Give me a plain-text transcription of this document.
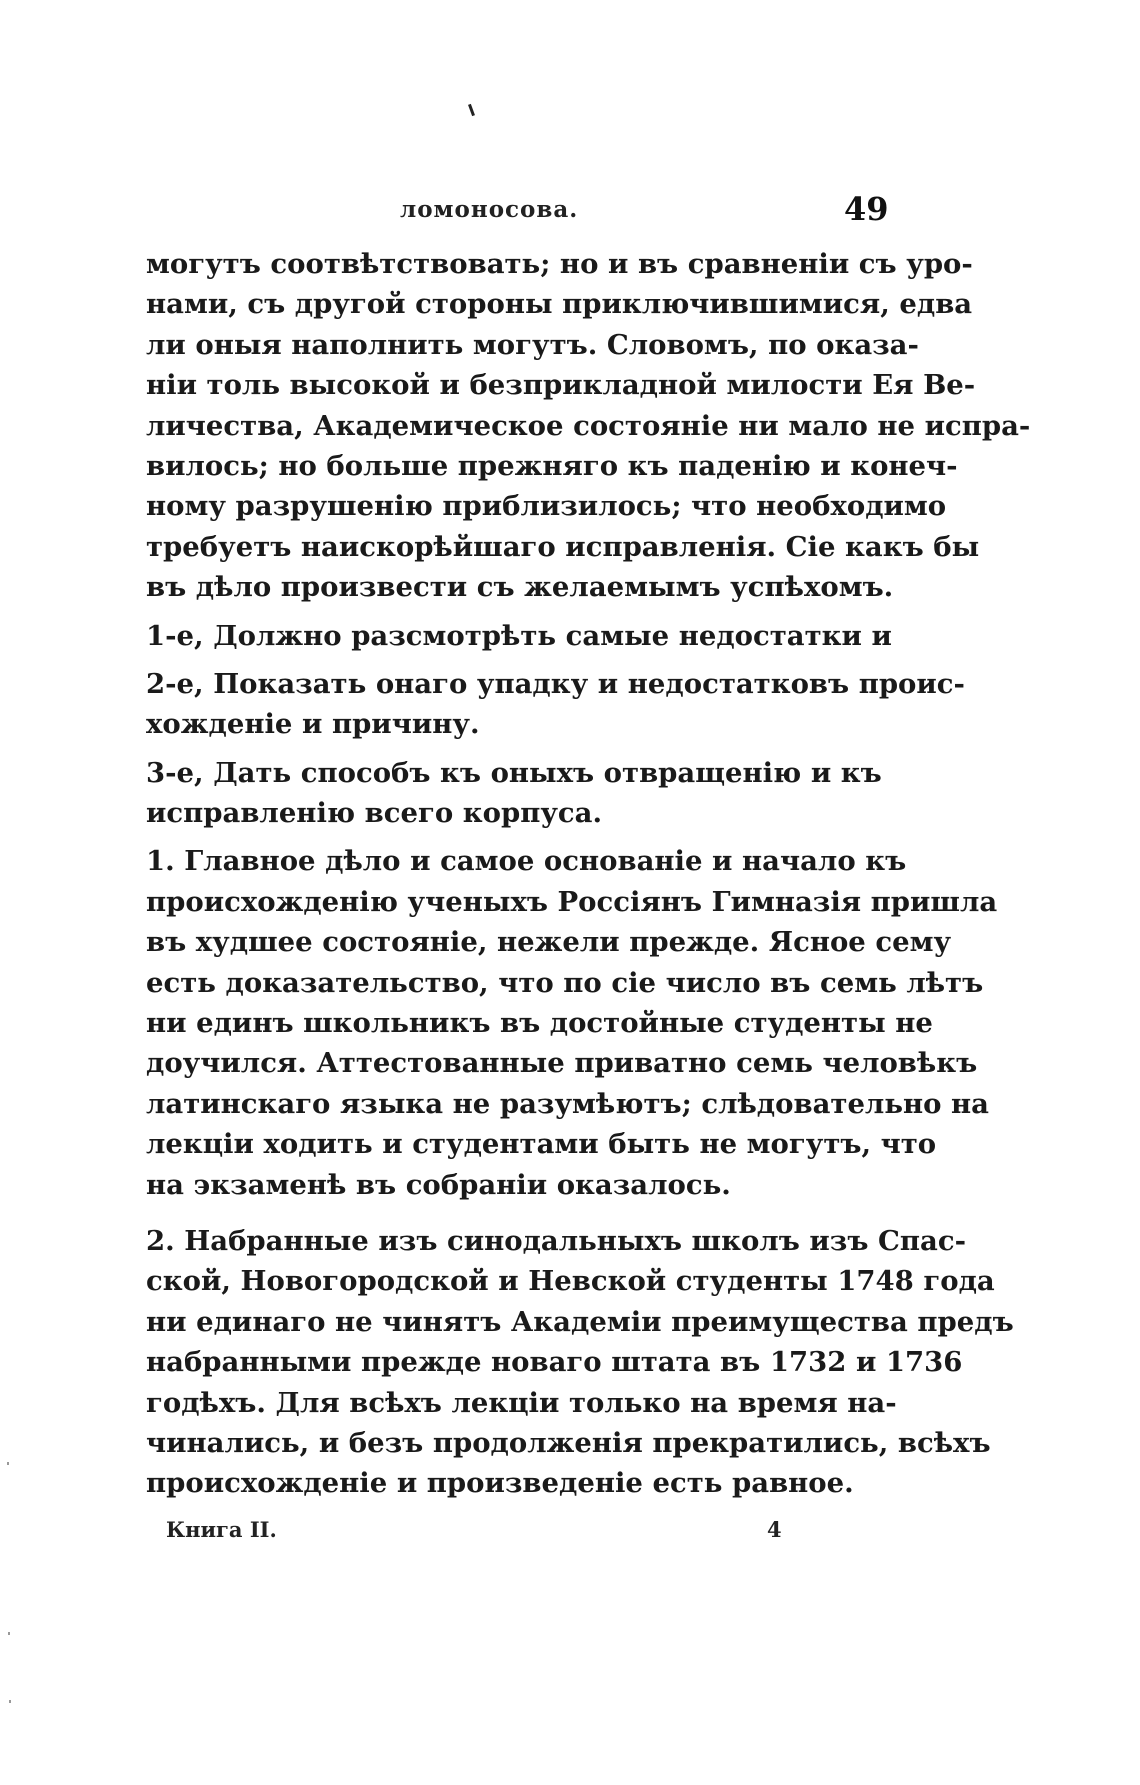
ломоносова.	49
могутъ соотвѣтствовать; но и въ сравненіи съ уро-
нами, съ другой стороны приключившимися, едва
ли оныя наполнить могутъ. Словомъ, по оказа-
ніи толь высокой и безприкладной милости Ея Ве-
личества, Академическое состояніе ни мало не испра-
вилось; но больше прежняго къ паденію и конеч-
ному разрушенію приблизилось; что необходимо
требуетъ наискорѣйшаго исправленія. Сіе какъ бы
въ дѣло произвести съ желаемымъ успѣхомъ.
1-е, Должно разсмотрѣть самые недостатки и
2-е, Показать онаго упадку и недостатковъ проис-
хожденіе и причину.
3-е, Дать способъ къ оныхъ отвращенію и къ
исправленію всего корпуса.
1. Главное дѣло и самое основаніе и начало къ
происхожденію ученыхъ Россіянъ Гимназія пришла
въ худшее состояніе, нежели прежде. Ясное сему
есть доказательство, что по сіе число въ семь лѣтъ
ни единъ школьникъ въ достойные студенты не
доучился. Аттестованные приватно семь человѣкъ
латинскаго языка не разумѣютъ; слѣдовательно на
лекціи ходить и студентами быть не могутъ, что
на экзаменѣ въ собраніи оказалось.
2. Набранные изъ синодальныхъ школъ изъ Спас-
ской, Новогородской и Невской студенты 1748 года
ни единаго не чинятъ Академіи преимущества предъ
набранными прежде новаго штата въ 1732 и 1736
годѣхъ. Для всѣхъ лекціи только на время на-
чинались, и безъ продолженія прекратились, всѣхъ
происхожденіе и произведеніе есть равное.
Книга II.	4
